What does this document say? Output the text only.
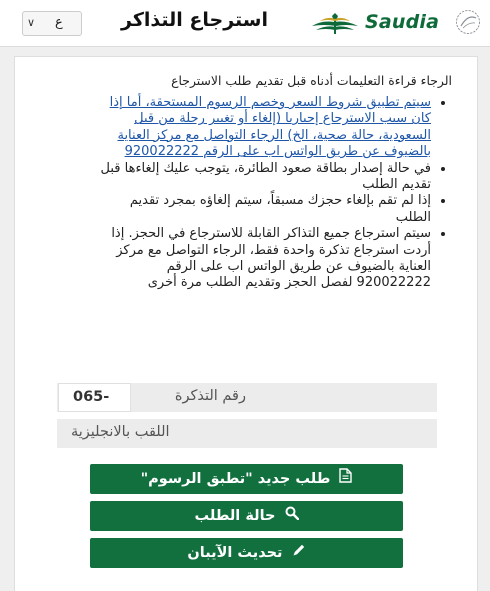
Saudia
استرجاع التذاكر
∨ ع
الرجاء قراءة التعليمات أدناه قبل تقديم طلب الاسترجاع
• سيتم تطبيق شروط السعر وخصم الرسوم المستحقة، أما إذا كان سبب الاسترجاع إجباريا (إلغاء أو تغيير رحلة من قبل السعودية، حالة صحية، الخ) الرجاء التواصل مع مركز العناية بالضيوف عن طريق الواتس اب على الرقم 920022222
• في حالة إصدار بطاقة صعود الطائرة، يتوجب عليك إلغاءها قبل تقديم الطلب
• إذا لم تقم بإلغاء حجزك مسبقاً، سيتم إلغاؤه بمجرد تقديم الطلب
• سيتم استرجاع جميع التذاكر القابلة للاسترجاع في الحجز. إذا أردت استرجاع تذكرة واحدة فقط، الرجاء التواصل مع مركز العناية بالضيوف عن طريق الواتس اب على الرقم 920022222 لفصل الحجز وتقديم الطلب مرة أخرى
رقم التذكرة
065-
اللقب بالانجليزية
طلب جديد "تطبق الرسوم"
حالة الطلب
تحديث الآيبان
